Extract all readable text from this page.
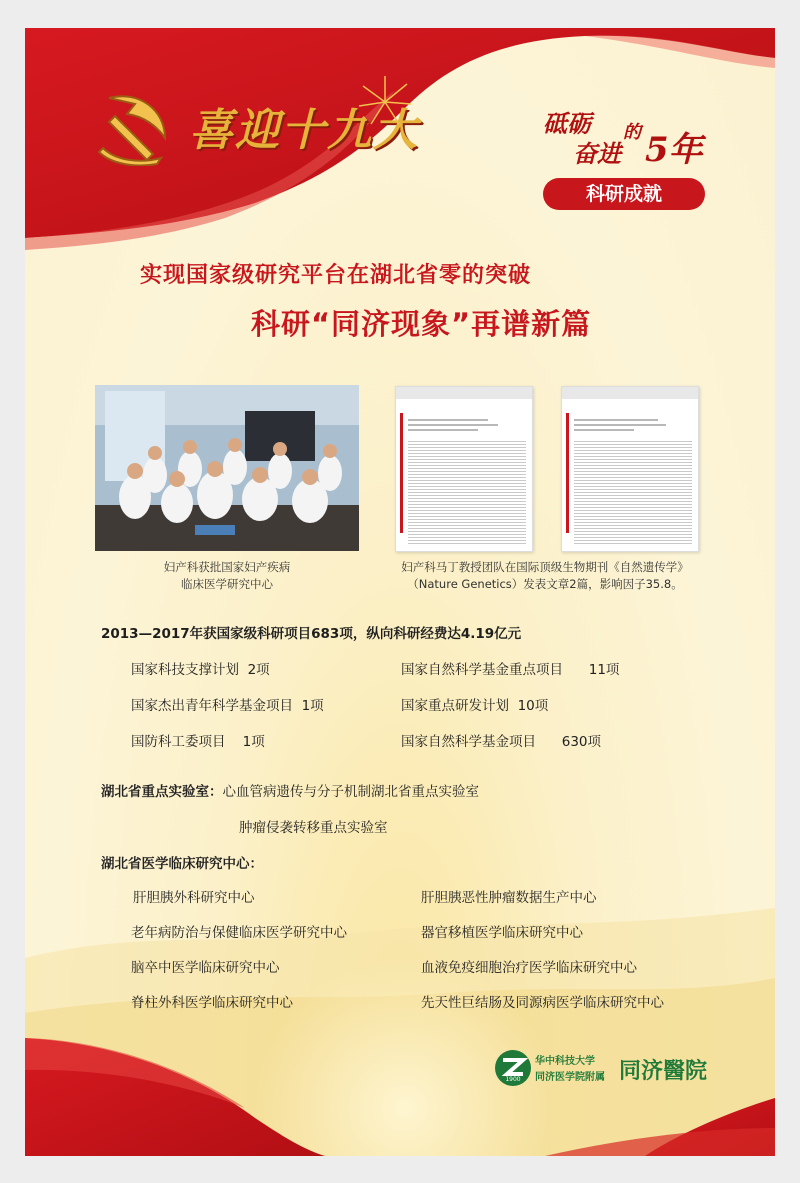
喜迎十九大	砥砺
奋进
的 5年
科研成就
实现国家级研究平台在湖北省零的突破
科研“同济现象”再谱新篇
妇产科获批国家妇产疾病
临床医学研究中心
妇产科马丁教授团队在国际顶级生物期刊《自然遗传学》
（Nature Genetics）发表文章2篇，影响因子35.8。
2013—2017年获国家级科研项目683项，纵向科研经费达4.19亿元
国家科技支撑计划 2项	国家自然科学基金重点项目 11项
国家杰出青年科学基金项目 1项	国家重点研发计划 10项
国防科工委项目 1项	国家自然科学基金项目 630项
湖北省重点实验室：心血管病遗传与分子机制湖北省重点实验室
肿瘤侵袭转移重点实验室
湖北省医学临床研究中心：
肝胆胰外科研究中心	肝胆胰恶性肿瘤数据生产中心
老年病防治与保健临床医学研究中心	器官移植医学临床研究中心
脑卒中医学临床研究中心	血液免疫细胞治疗医学临床研究中心
脊柱外科医学临床研究中心	先天性巨结肠及同源病医学临床研究中心
1900
华中科技大学
同济医学院附属 同济醫院
